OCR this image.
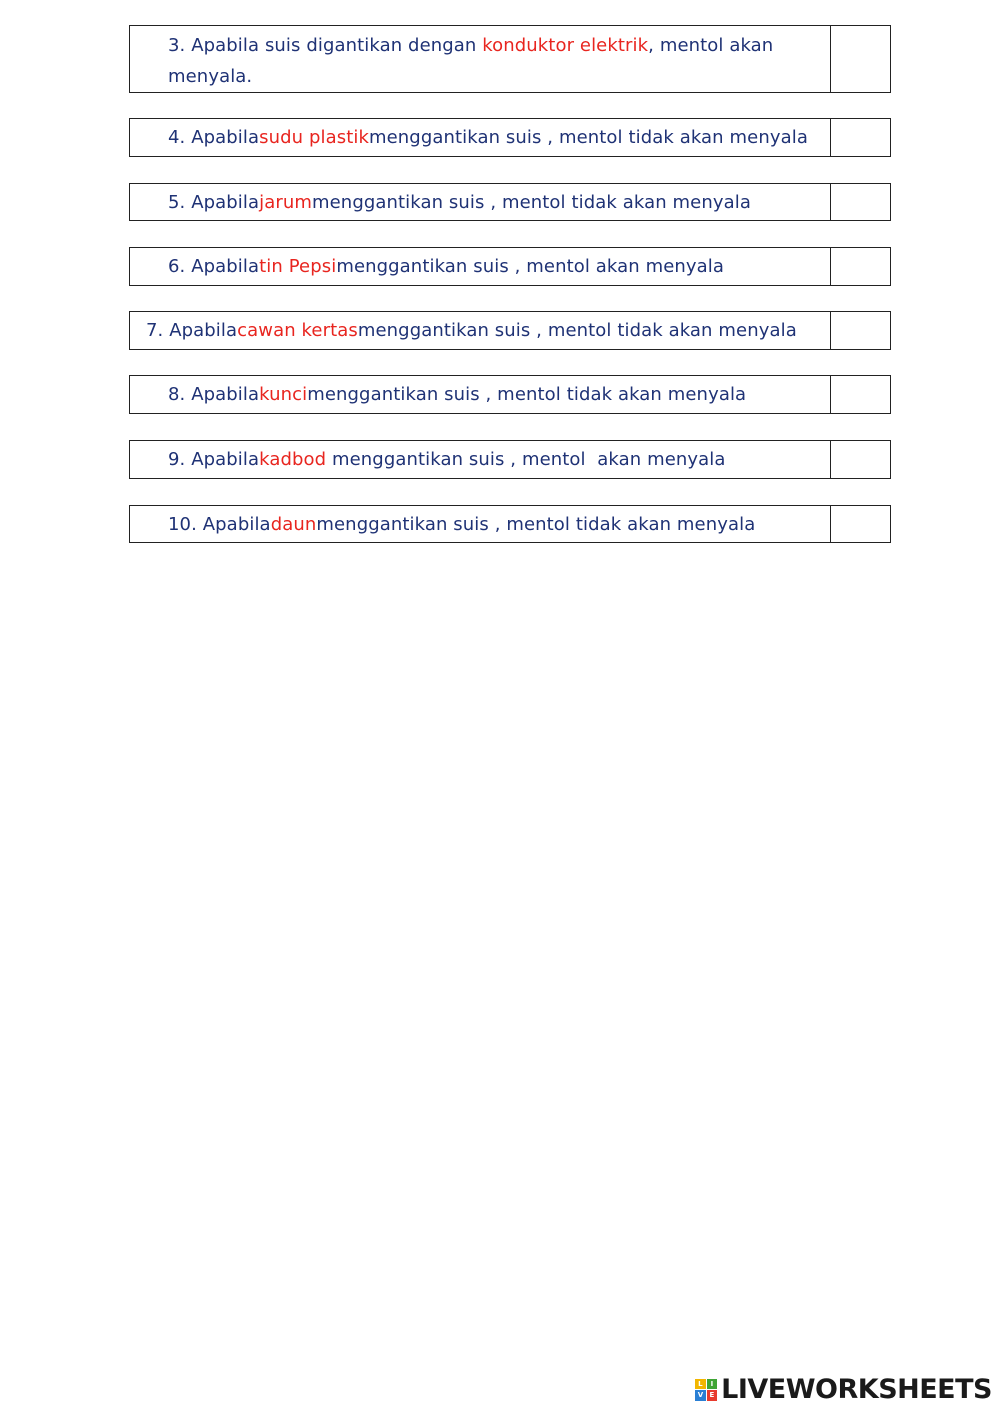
3. Apabila suis digantikan dengan konduktor elektrik, mentol akan menyala.
4. Apabila sudu plastik menggantikan suis , mentol tidak akan menyala
5. Apabila jarum menggantikan suis , mentol tidak akan menyala
6. Apabila tin Pepsi menggantikan suis , mentol akan menyala
7. Apabila cawan kertas menggantikan suis , mentol tidak akan menyala
8. Apabila kunci menggantikan suis , mentol tidak akan menyala
9. Apabila kadbod menggantikan suis , mentol  akan menyala
10. Apabila daun menggantikan suis , mentol tidak akan menyala
L	I
V E LIVEWORKSHEETS
